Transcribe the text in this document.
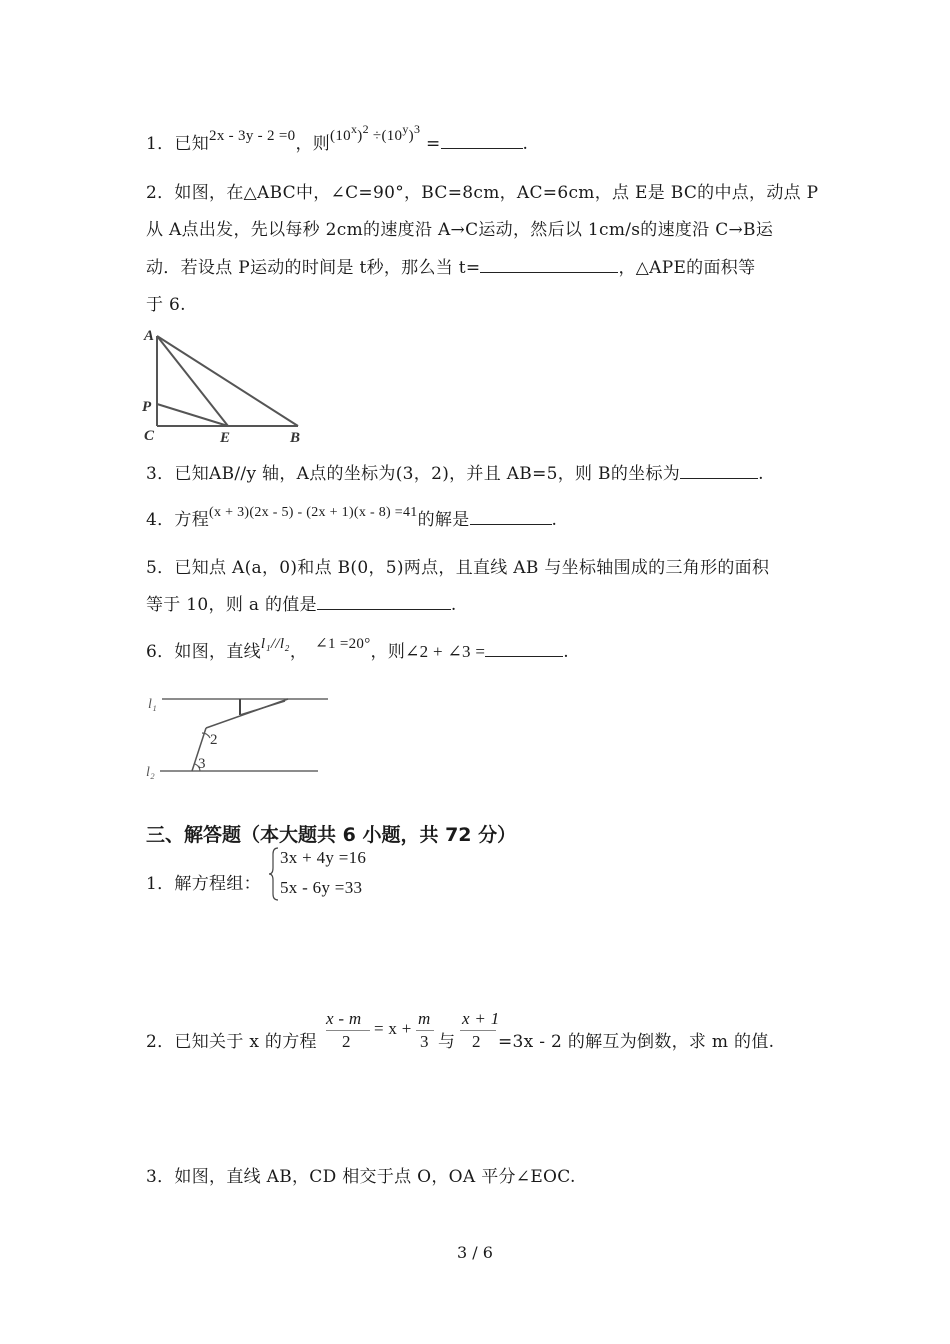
1．已知2x - 3y - 2 =0，则$(10^x)^2 \div(10^y)^3$ =	.
2．如图，在△ABC中，∠C=90°，BC=8cm，AC=6cm，点 E是 BC的中点，动点 P
从 A点出发，先以每秒 2cm的速度沿 A→C运动，然后以 1cm/s的速度沿 C→B运
动．若设点 P运动的时间是 t秒，那么当 t=	，△APE的面积等
于 6.
A
P
C	E	B
3．已知AB//y 轴，A点的坐标为(3，2)，并且 AB=5，则 B的坐标为	.
4．方程$^{(x + 3)(2x - 5) - (2x + 1)(x - 8) =41}$的解是	.
5．已知点 A(a，0)和点 B(0，5)两点，且直线 AB 与坐标轴围成的三角形的面积
等于 10，则 a 的值是	.
6．如图，直线l₁//l₂， ∠1 =20°，则∠2 + ∠3 =	.
l₁
l₂
2
3
三、解答题（本大题共 6 小题，共 72 分）
1．解方程组：
3x + 4y =16
5x - 6y =33
2．已知关于 x 的方程
x - m
2
= x +
m
3 与
x + 1
2 =3x - 2 的解互为倒数，求 m 的值.
3．如图，直线 AB，CD 相交于点 O，OA 平分∠EOC.
3 / 6
